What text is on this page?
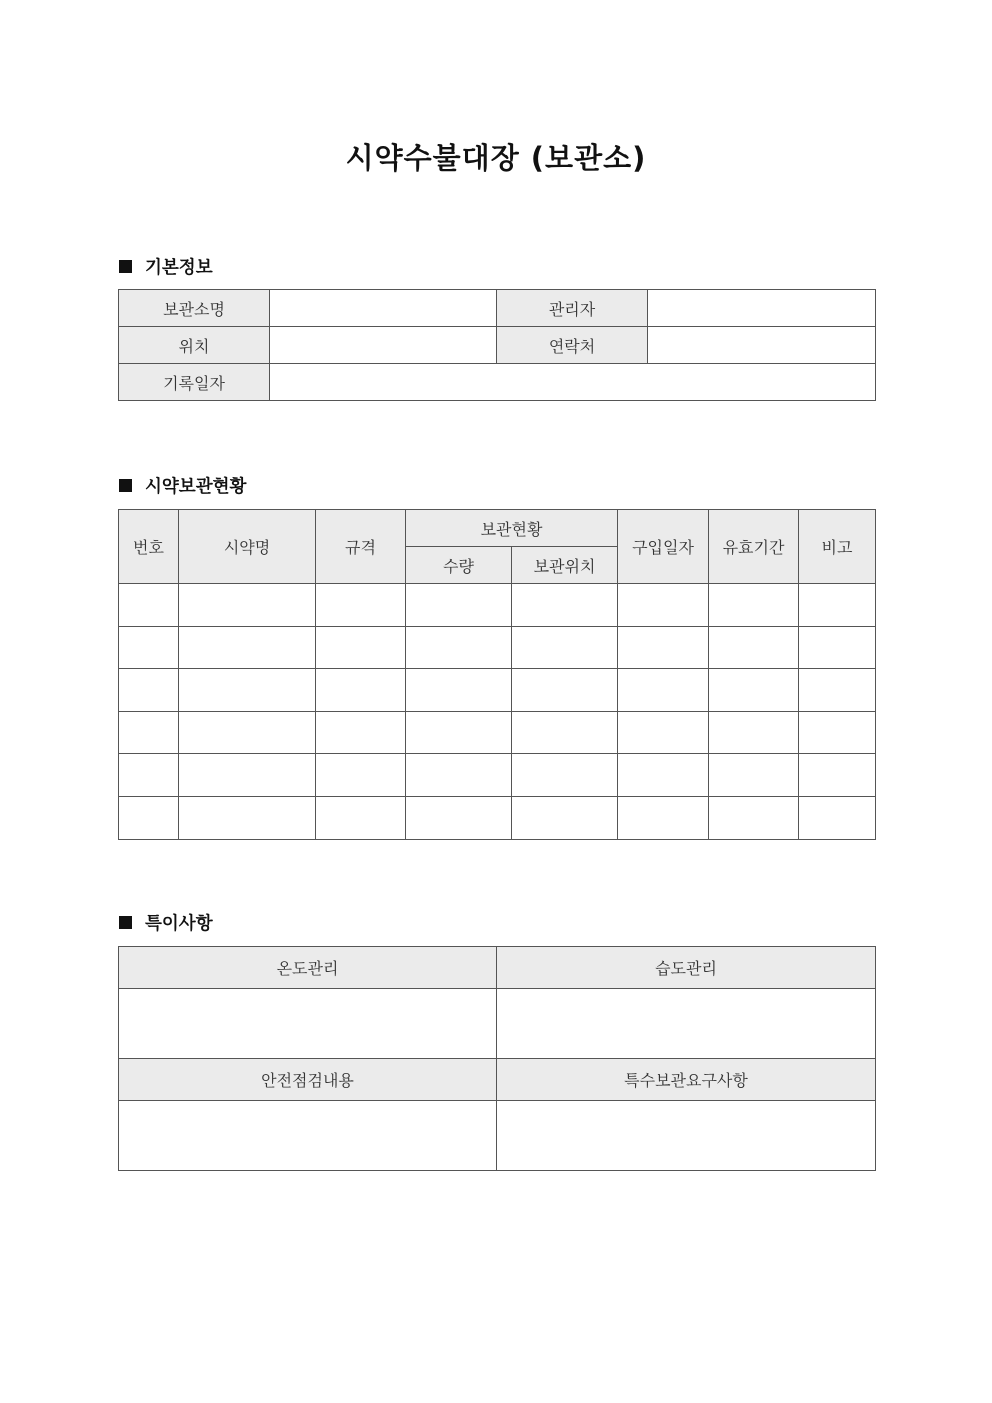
시약수불대장 (보관소)
기본정보
보관소명		관리자	
위치		연락처	
기록일자			
시약보관현황
번호	시약명	규격	보관현황		구입일자	유효기간	비고
			수량	보관위치			

특이사항
온도관리	습도관리

안전점검내용	특수보관요구사항
